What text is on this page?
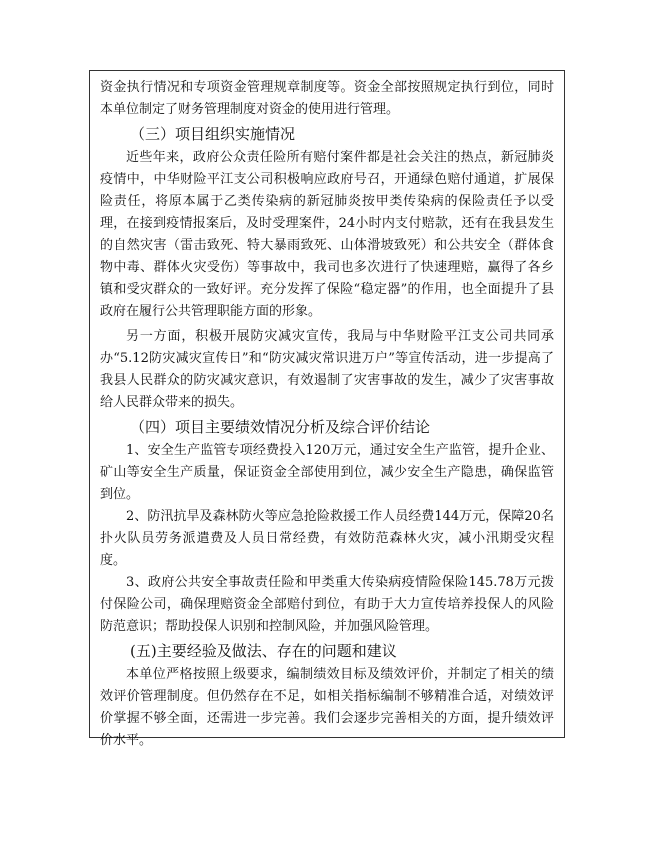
资金执行情况和专项资金管理规章制度等。资金全部按照规定执行到位，同时本单位制定了财务管理制度对资金的使用进行管理。

（三）项目组织实施情况

近些年来，政府公众责任险所有赔付案件都是社会关注的热点，新冠肺炎疫情中，中华财险平江支公司积极响应政府号召，开通绿色赔付通道，扩展保险责任，将原本属于乙类传染病的新冠肺炎按甲类传染病的保险责任予以受理，在接到疫情报案后，及时受理案件，24小时内支付赔款，还有在我县发生的自然灾害（雷击致死、特大暴雨致死、山体滑坡致死）和公共安全（群体食物中毒、群体火灾受伤）等事故中，我司也多次进行了快速理赔，赢得了各乡镇和受灾群众的一致好评。充分发挥了保险“稳定器”的作用，也全面提升了县政府在履行公共管理职能方面的形象。

另一方面，积极开展防灾减灾宣传，我局与中华财险平江支公司共同承办“5.12防灾减灾宣传日”和“防灾减灾常识进万户”等宣传活动，进一步提高了我县人民群众的防灾减灾意识，有效遏制了灾害事故的发生，减少了灾害事故给人民群众带来的损失。

（四）项目主要绩效情况分析及综合评价结论

1、安全生产监管专项经费投入120万元，通过安全生产监管，提升企业、矿山等安全生产质量，保证资金全部使用到位，减少安全生产隐患，确保监管到位。

2、防汛抗旱及森林防火等应急抢险救援工作人员经费144万元，保障20名扑火队员劳务派遣费及人员日常经费，有效防范森林火灾，减小汛期受灾程度。

3、政府公共安全事故责任险和甲类重大传染病疫情险保险145.78万元拨付保险公司，确保理赔资金全部赔付到位，有助于大力宣传培养投保人的风险防范意识；帮助投保人识别和控制风险，并加强风险管理。

(五)主要经验及做法、存在的问题和建议

本单位严格按照上级要求，编制绩效目标及绩效评价，并制定了相关的绩效评价管理制度。但仍然存在不足，如相关指标编制不够精准合适，对绩效评价掌握不够全面，还需进一步完善。我们会逐步完善相关的方面，提升绩效评价水平。
